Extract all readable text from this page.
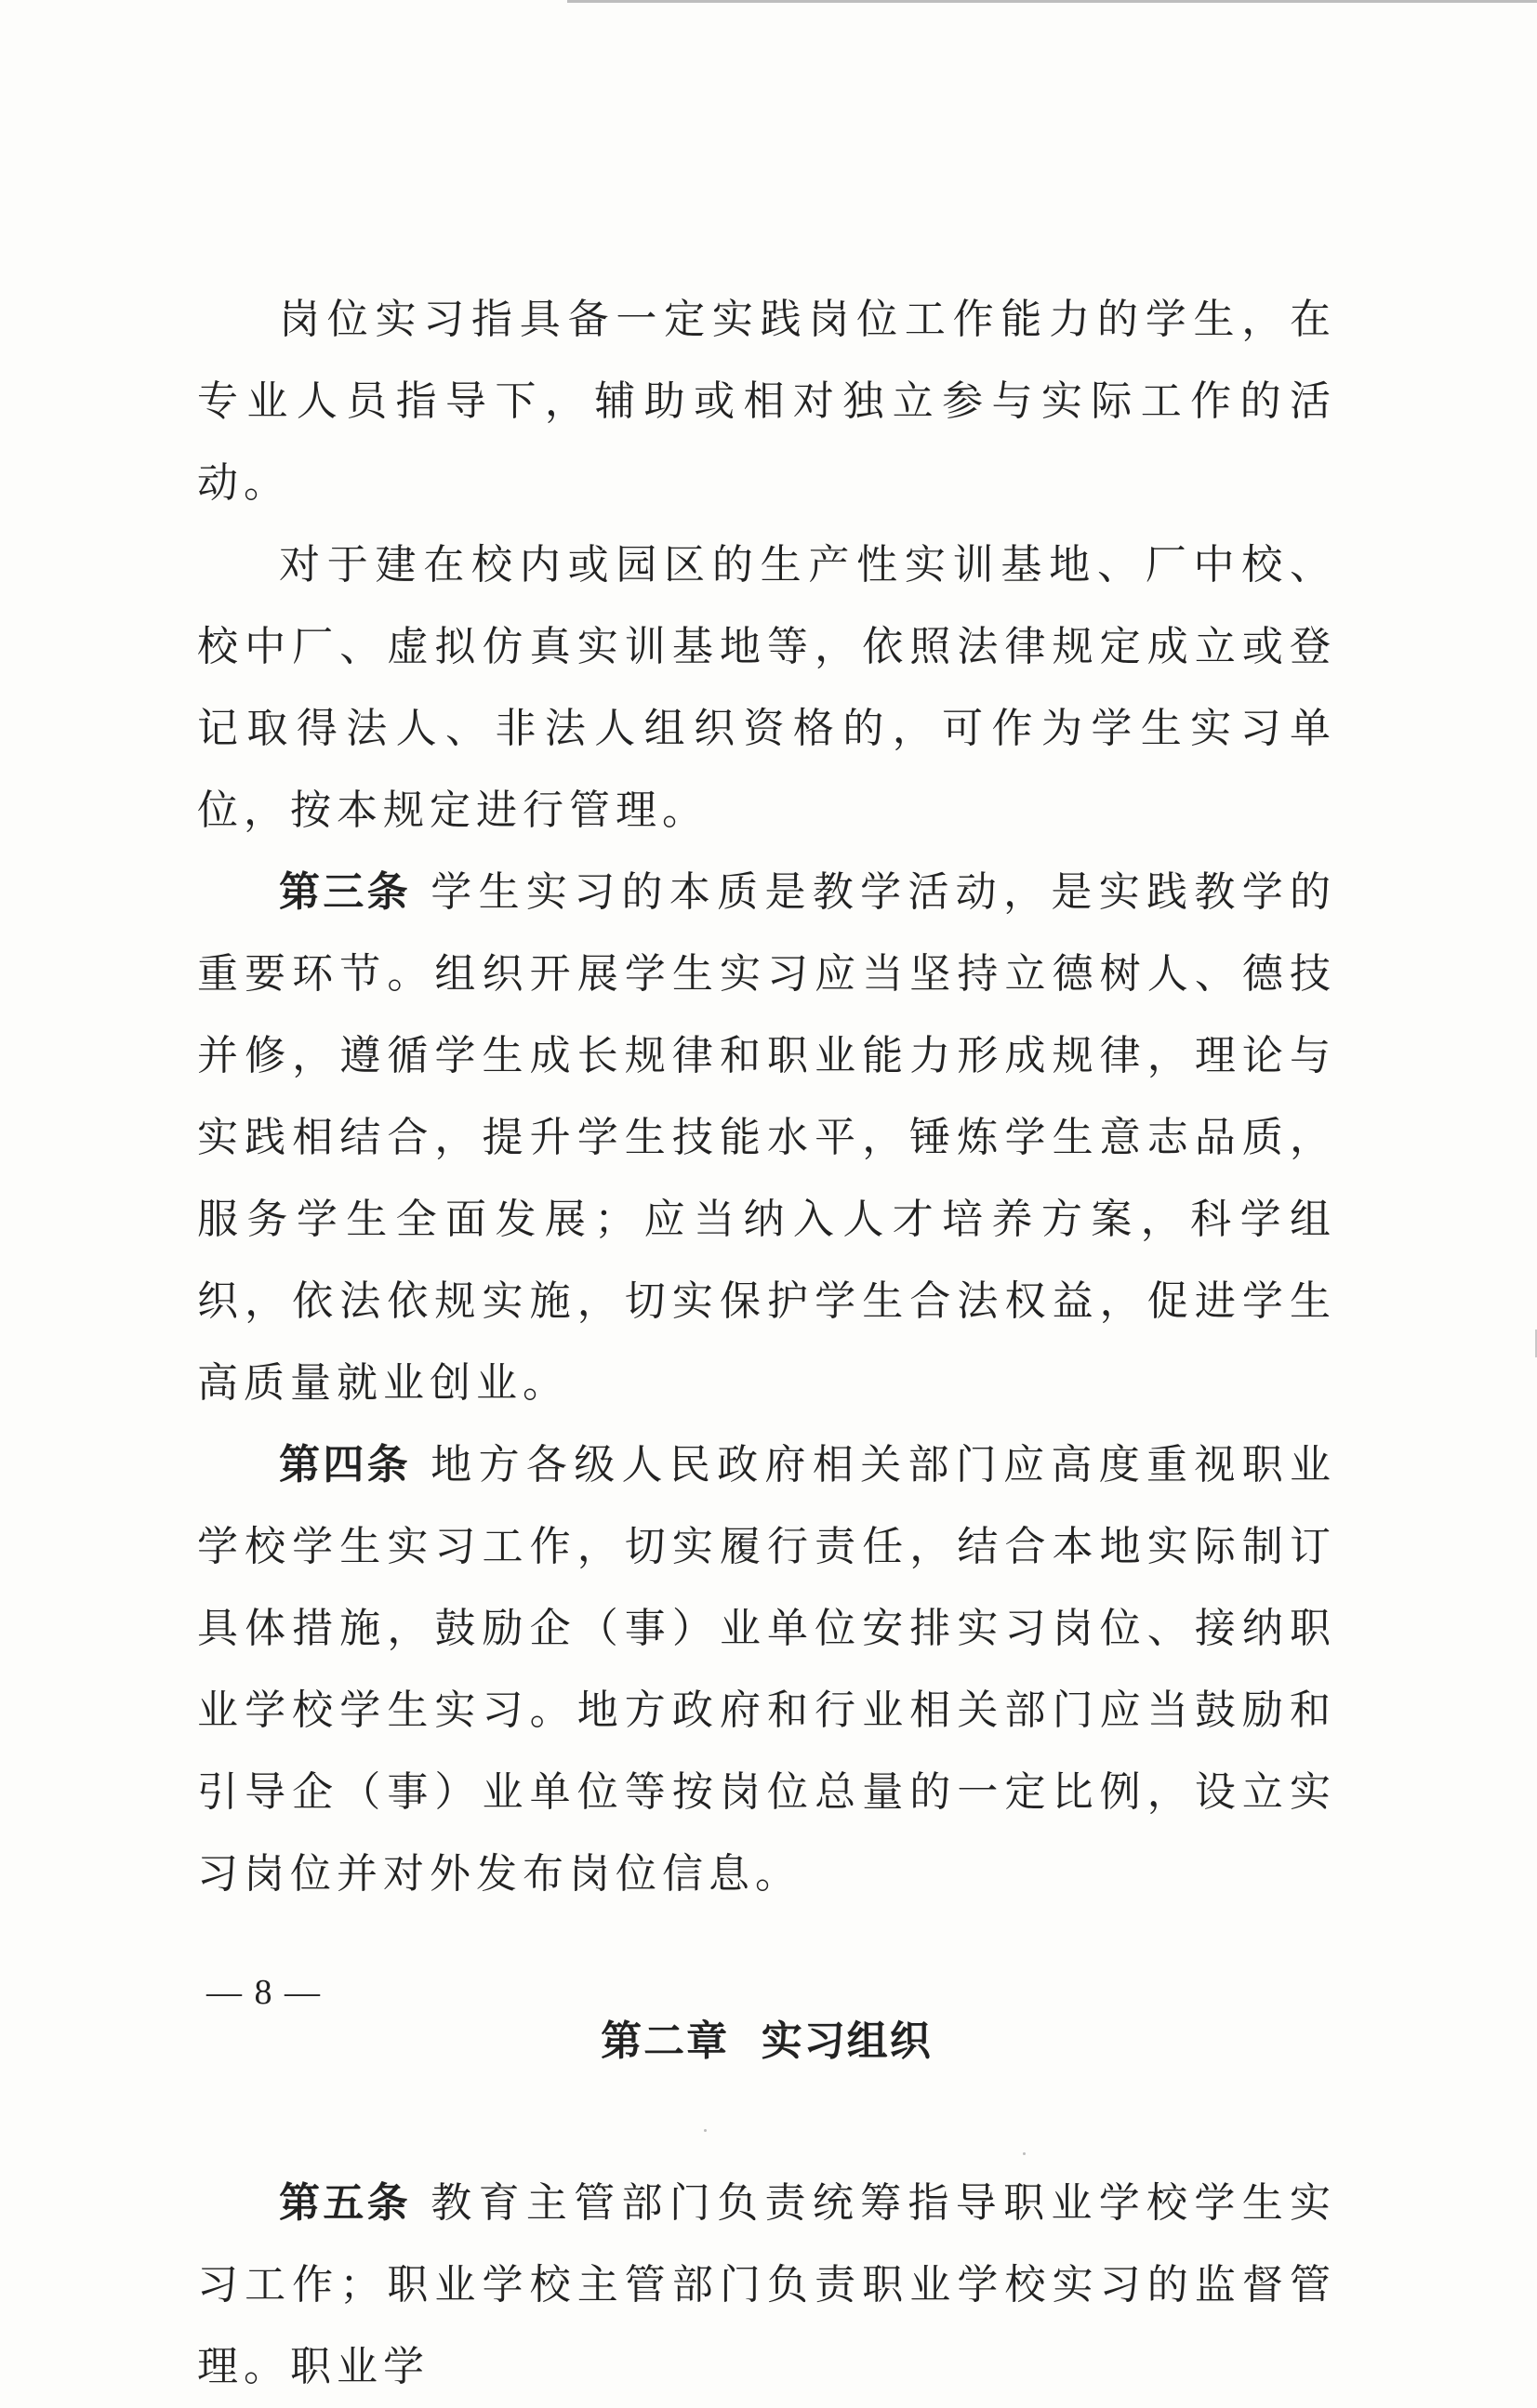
岗位实习指具备一定实践岗位工作能力的学生，在专业人员指导下，辅助或相对独立参与实际工作的活动。

对于建在校内或园区的生产性实训基地、厂中校、校中厂、虚拟仿真实训基地等，依照法律规定成立或登记取得法人、非法人组织资格的，可作为学生实习单位，按本规定进行管理。

第三条 学生实习的本质是教学活动，是实践教学的重要环节。组织开展学生实习应当坚持立德树人、德技并修，遵循学生成长规律和职业能力形成规律，理论与实践相结合，提升学生技能水平，锤炼学生意志品质，服务学生全面发展；应当纳入人才培养方案，科学组织，依法依规实施，切实保护学生合法权益，促进学生高质量就业创业。

第四条 地方各级人民政府相关部门应高度重视职业学校学生实习工作，切实履行责任，结合本地实际制订具体措施，鼓励企（事）业单位安排实习岗位、接纳职业学校学生实习。地方政府和行业相关部门应当鼓励和引导企（事）业单位等按岗位总量的一定比例，设立实习岗位并对外发布岗位信息。

第二章  实习组织

第五条 教育主管部门负责统筹指导职业学校学生实习工作；职业学校主管部门负责职业学校实习的监督管理。职业学

— 8 —
